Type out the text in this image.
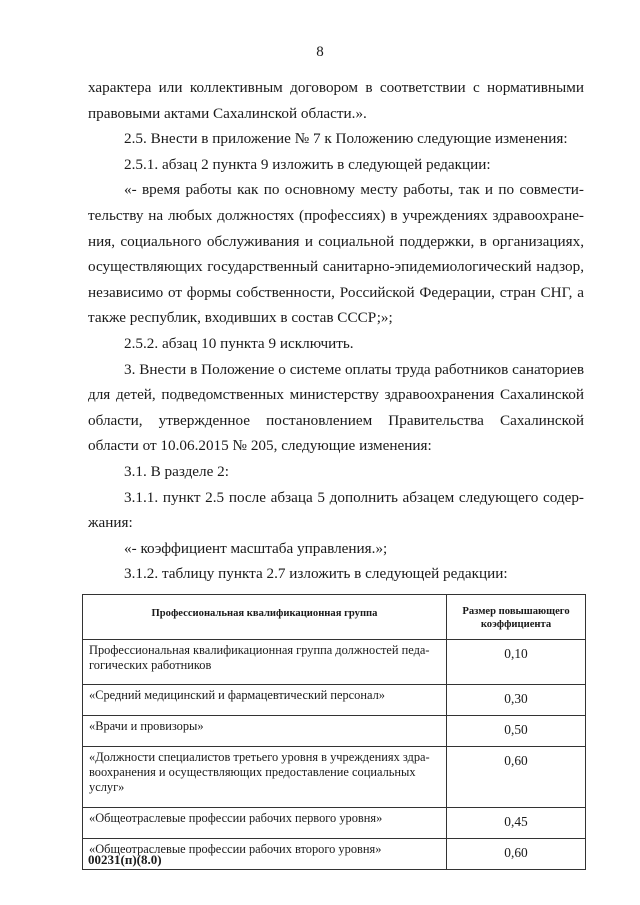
8

характера или коллективным договором в соответствии с нормативными правовыми актами Сахалинской области.».

2.5. Внести в приложение № 7 к Положению следующие изменения:

2.5.1. абзац 2 пункта 9 изложить в следующей редакции:

«- время работы как по основному месту работы, так и по совмести-тельству на любых должностях (профессиях) в учреждениях здравоохране-ния, социального обслуживания и социальной поддержки, в организациях, осуществляющих государственный санитарно-эпидемиологический надзор, независимо от формы собственности, Российской Федерации, стран СНГ, а также республик, входивших в состав СССР;»;

2.5.2. абзац 10 пункта 9 исключить.

3. Внести в Положение о системе оплаты труда работников санаториев для детей, подведомственных министерству здравоохранения Сахалинской области, утвержденное постановлением Правительства Сахалинской области от 10.06.2015 № 205, следующие изменения:

3.1. В разделе 2:

3.1.1. пункт 2.5 после абзаца 5 дополнить абзацем следующего содер-жания:

«- коэффициент масштаба управления.»;

3.1.2. таблицу пункта 2.7 изложить в следующей редакции:

Профессиональная квалификационная группа	Размер повышающего коэффициента
Профессиональная квалификационная группа должностей педа-гогических работников	0,10
«Средний медицинский и фармацевтический персонал»	0,30
«Врачи и провизоры»	0,50
«Должности специалистов третьего уровня в учреждениях здра-воохранения и осуществляющих предоставление социальных услуг»	0,60
«Общеотраслевые профессии рабочих первого уровня»	0,45
«Общеотраслевые профессии рабочих второго уровня»	0,60
00231(п)(8.0)
